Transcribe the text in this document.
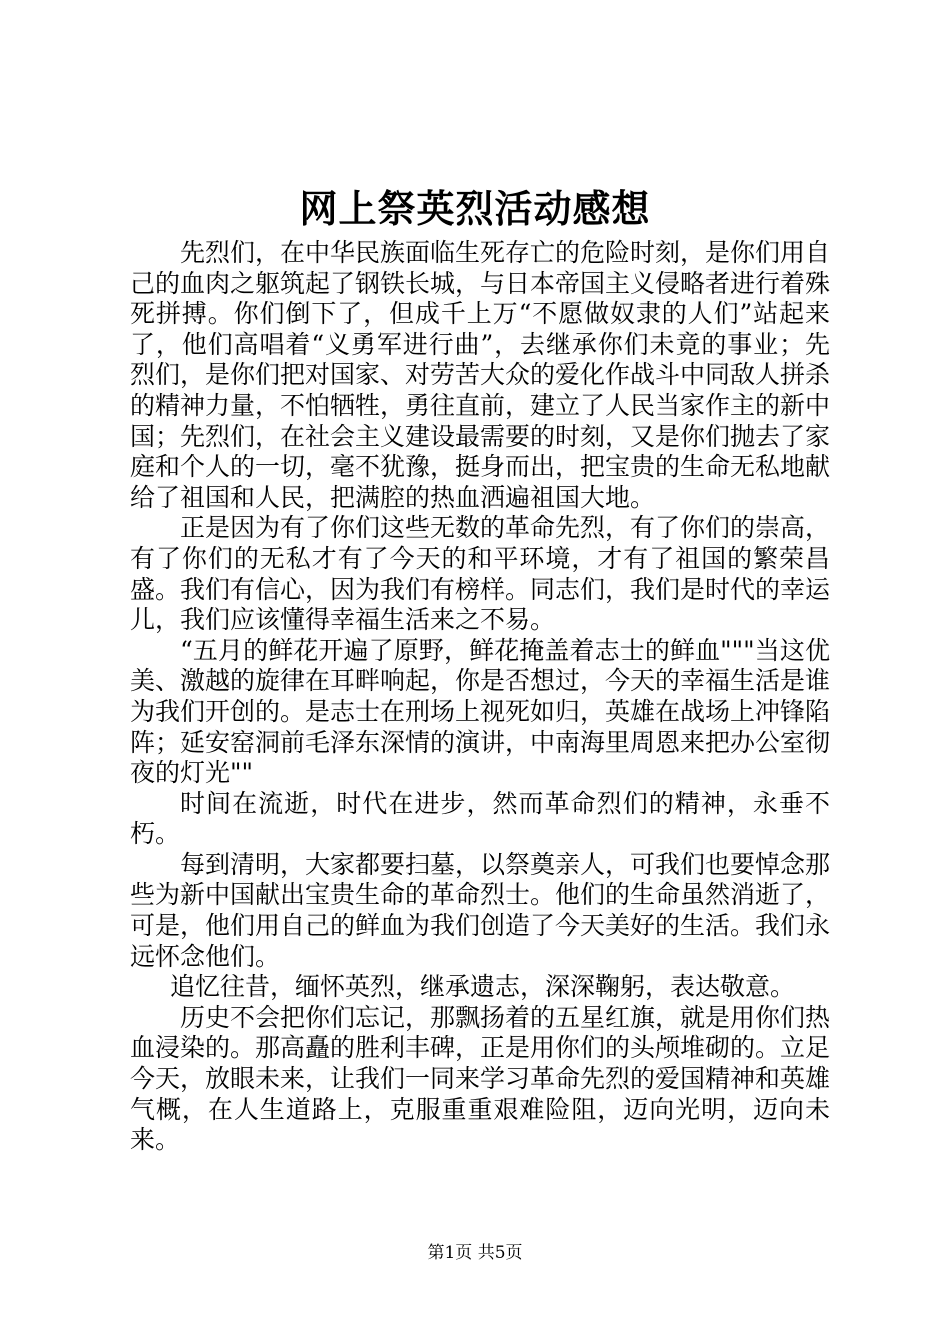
网上祭英烈活动感想

先烈们，在中华民族面临生死存亡的危险时刻，是你们用自己的血肉之躯筑起了钢铁长城，与日本帝国主义侵略者进行着殊死拼搏。你们倒下了，但成千上万“不愿做奴隶的人们”站起来了，他们高唱着“义勇军进行曲”，去继承你们未竟的事业；先烈们，是你们把对国家、对劳苦大众的爱化作战斗中同敌人拼杀的精神力量，不怕牺牲，勇往直前，建立了人民当家作主的新中国；先烈们，在社会主义建设最需要的时刻，又是你们抛去了家庭和个人的一切，毫不犹豫，挺身而出，把宝贵的生命无私地献给了祖国和人民，把满腔的热血洒遍祖国大地。

正是因为有了你们这些无数的革命先烈，有了你们的崇高，有了你们的无私才有了今天的和平环境，才有了祖国的繁荣昌盛。我们有信心，因为我们有榜样。同志们，我们是时代的幸运儿，我们应该懂得幸福生活来之不易。

“五月的鲜花开遍了原野，鲜花掩盖着志士的鲜血"""当这优美、激越的旋律在耳畔响起，你是否想过，今天的幸福生活是谁为我们开创的。是志士在刑场上视死如归，英雄在战场上冲锋陷阵；延安窑洞前毛泽东深情的演讲，中南海里周恩来把办公室彻夜的灯光""

时间在流逝，时代在进步，然而革命烈们的精神，永垂不朽。

每到清明，大家都要扫墓，以祭奠亲人，可我们也要悼念那些为新中国献出宝贵生命的革命烈士。他们的生命虽然消逝了，可是，他们用自己的鲜血为我们创造了今天美好的生活。我们永远怀念他们。

追忆往昔，缅怀英烈，继承遗志，深深鞠躬，表达敬意。

历史不会把你们忘记，那飘扬着的五星红旗，就是用你们热血浸染的。那高矗的胜利丰碑，正是用你们的头颅堆砌的。立足今天，放眼未来，让我们一同来学习革命先烈的爱国精神和英雄气概，在人生道路上，克服重重艰难险阻，迈向光明，迈向未来。

第1页 共5页
